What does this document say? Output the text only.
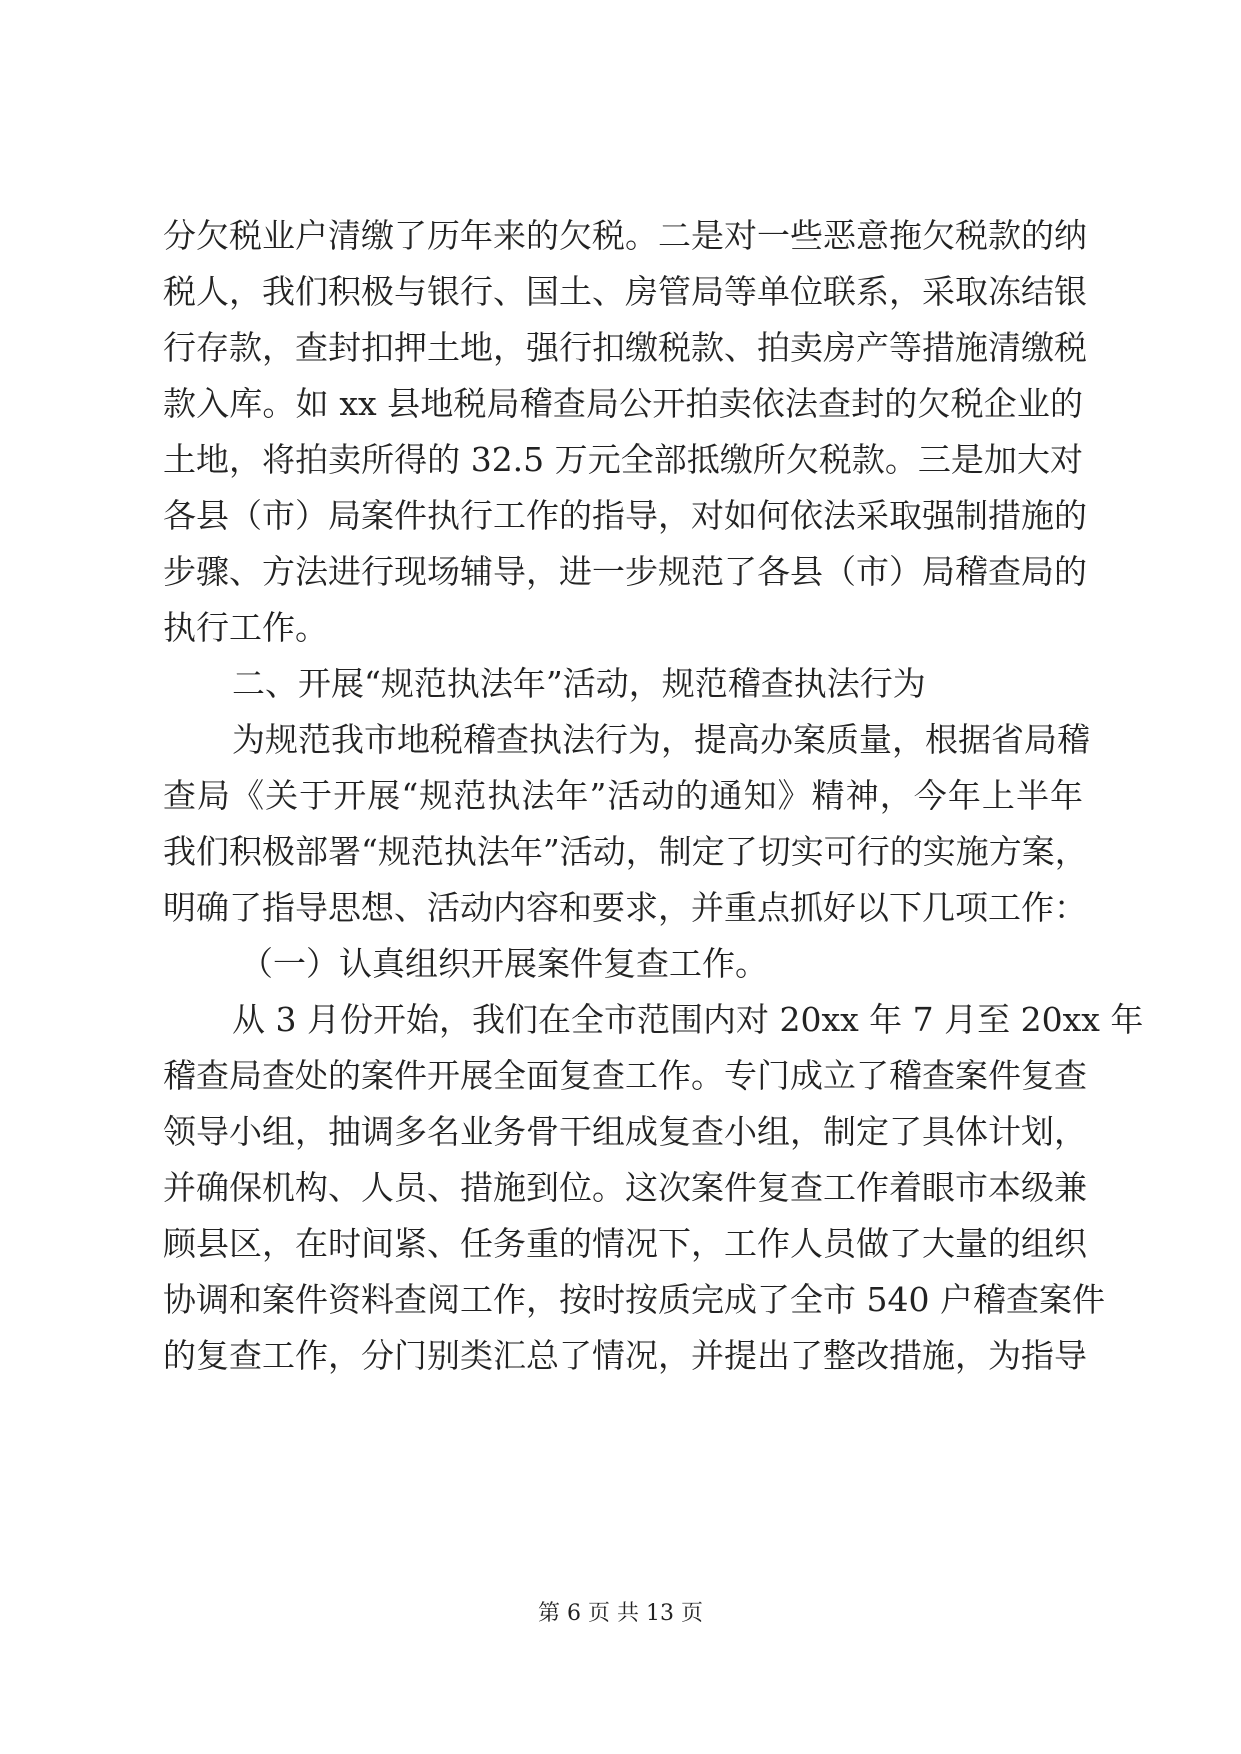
分欠税业户清缴了历年来的欠税。二是对一些恶意拖欠税款的纳
税人，我们积极与银行、国土、房管局等单位联系，采取冻结银
行存款，查封扣押土地，强行扣缴税款、拍卖房产等措施清缴税
款入库。如 xx 县地税局稽查局公开拍卖依法查封的欠税企业的
土地，将拍卖所得的 32.5 万元全部抵缴所欠税款。三是加大对
各县（市）局案件执行工作的指导，对如何依法采取强制措施的
步骤、方法进行现场辅导，进一步规范了各县（市）局稽查局的
执行工作。
二、开展“规范执法年”活动，规范稽查执法行为
为规范我市地税稽查执法行为，提高办案质量，根据省局稽
查局《关于开展“规范执法年”活动的通知》精神，今年上半年
我们积极部署“规范执法年”活动，制定了切实可行的实施方案，
明确了指导思想、活动内容和要求，并重点抓好以下几项工作：
（一）认真组织开展案件复查工作。
从 3 月份开始，我们在全市范围内对 20xx 年 7 月至 20xx 年
稽查局查处的案件开展全面复查工作。专门成立了稽查案件复查
领导小组，抽调多名业务骨干组成复查小组，制定了具体计划，
并确保机构、人员、措施到位。这次案件复查工作着眼市本级兼
顾县区，在时间紧、任务重的情况下，工作人员做了大量的组织
协调和案件资料查阅工作，按时按质完成了全市 540 户稽查案件
的复查工作，分门别类汇总了情况，并提出了整改措施，为指导
第 6 页 共 13 页
